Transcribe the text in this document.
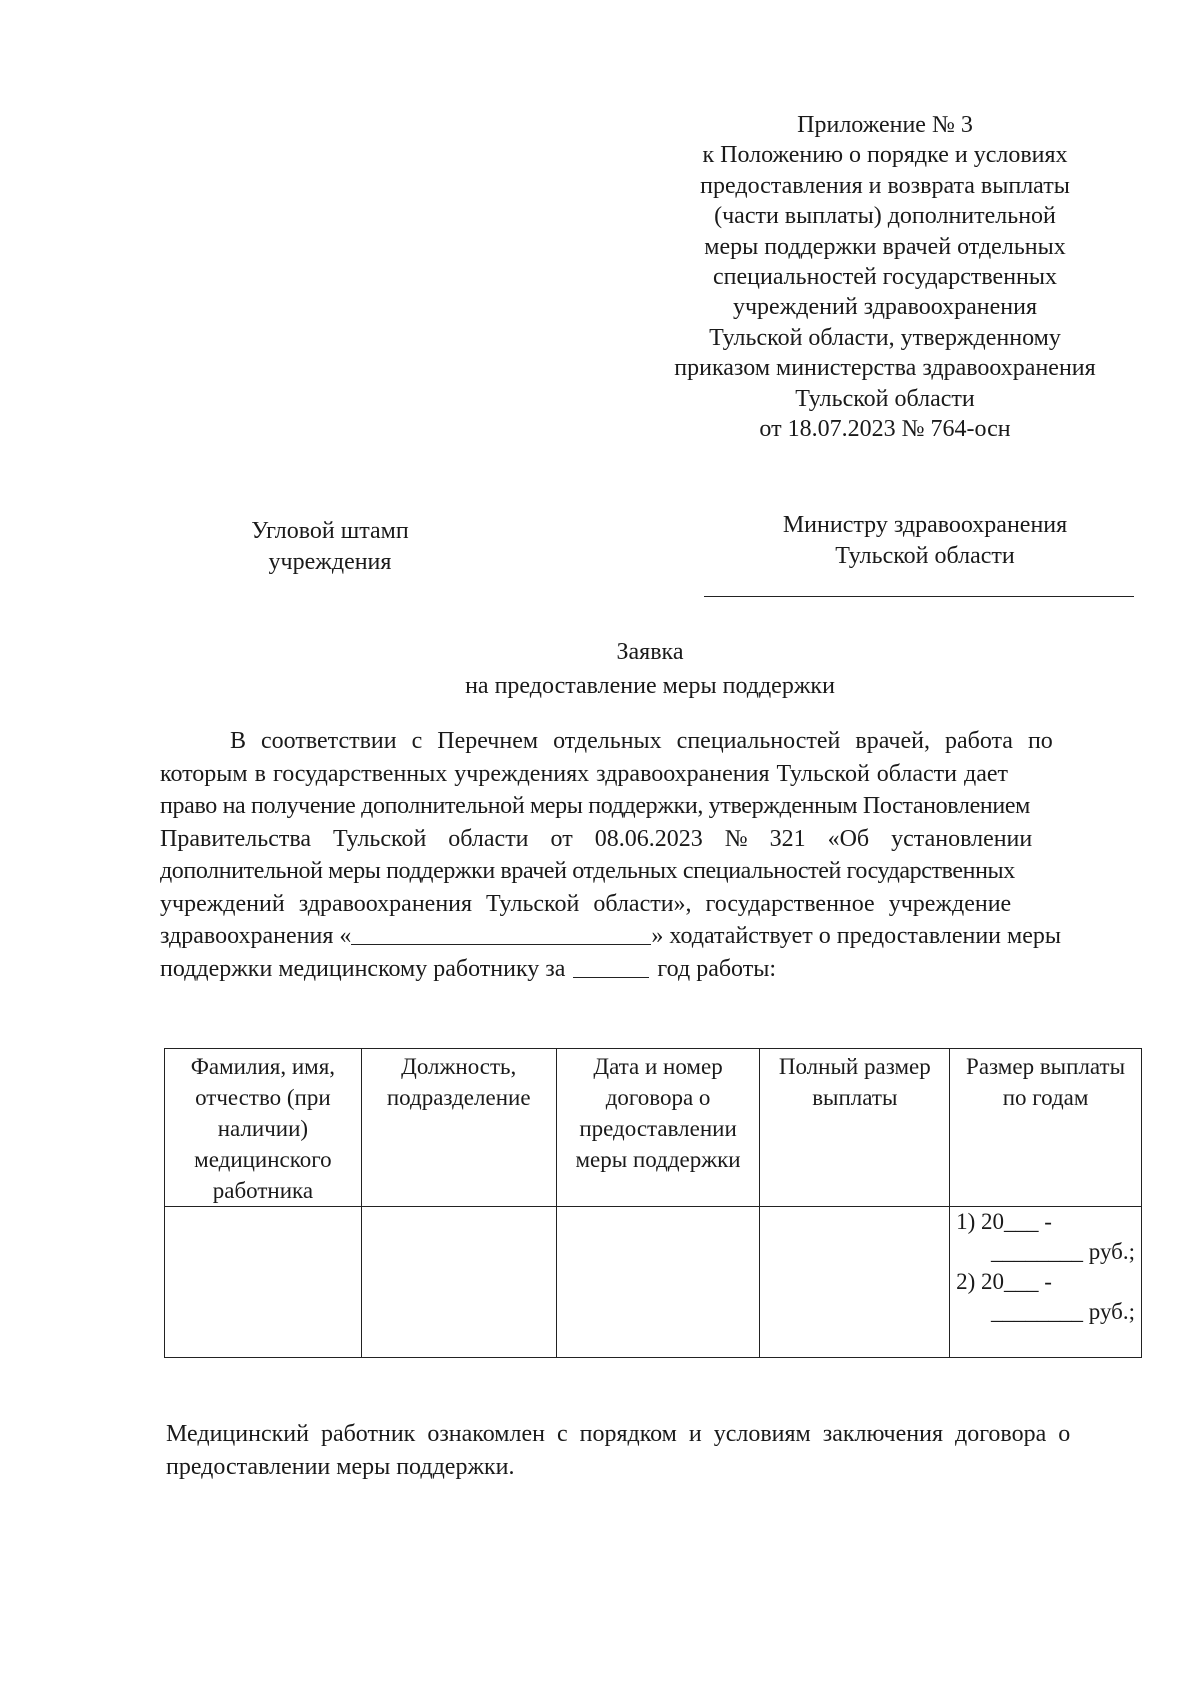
Приложение № 3
к Положению о порядке и условиях
предоставления и возврата выплаты
(части выплаты) дополнительной
меры поддержки врачей отдельных
специальностей государственных
учреждений здравоохранения
Тульской области, утвержденному
приказом министерства здравоохранения
Тульской области
от 18.07.2023 № 764-осн
Угловой штамп
учреждения
Министру здравоохранения
Тульской области
Заявка
на предоставление меры поддержки
В соответствии с Перечнем отдельных специальностей врачей, работа по
которым в государственных учреждениях здравоохранения Тульской области дает
право на получение дополнительной меры поддержки, утвержденным Постановлением
Правительства Тульской области от 08.06.2023 № 321 «Об установлении
дополнительной меры поддержки врачей отдельных специальностей государственных
учреждений здравоохранения Тульской области», государственное учреждение
здравоохранения «	» ходатайствует о предоставлении меры
поддержки медицинскому работнику за	год работы:
Фамилия, имя, отчество (при наличии) медицинского работника	Должность, подразделение	Дата и номер договора о предоставлении меры поддержки	Полный размер выплаты	Размер выплаты по годам

				1) 20___ -
________ руб.;
2) 20___ -
________ руб.;
Медицинский работник ознакомлен с порядком и условиям заключения договора о
предоставлении меры поддержки.
